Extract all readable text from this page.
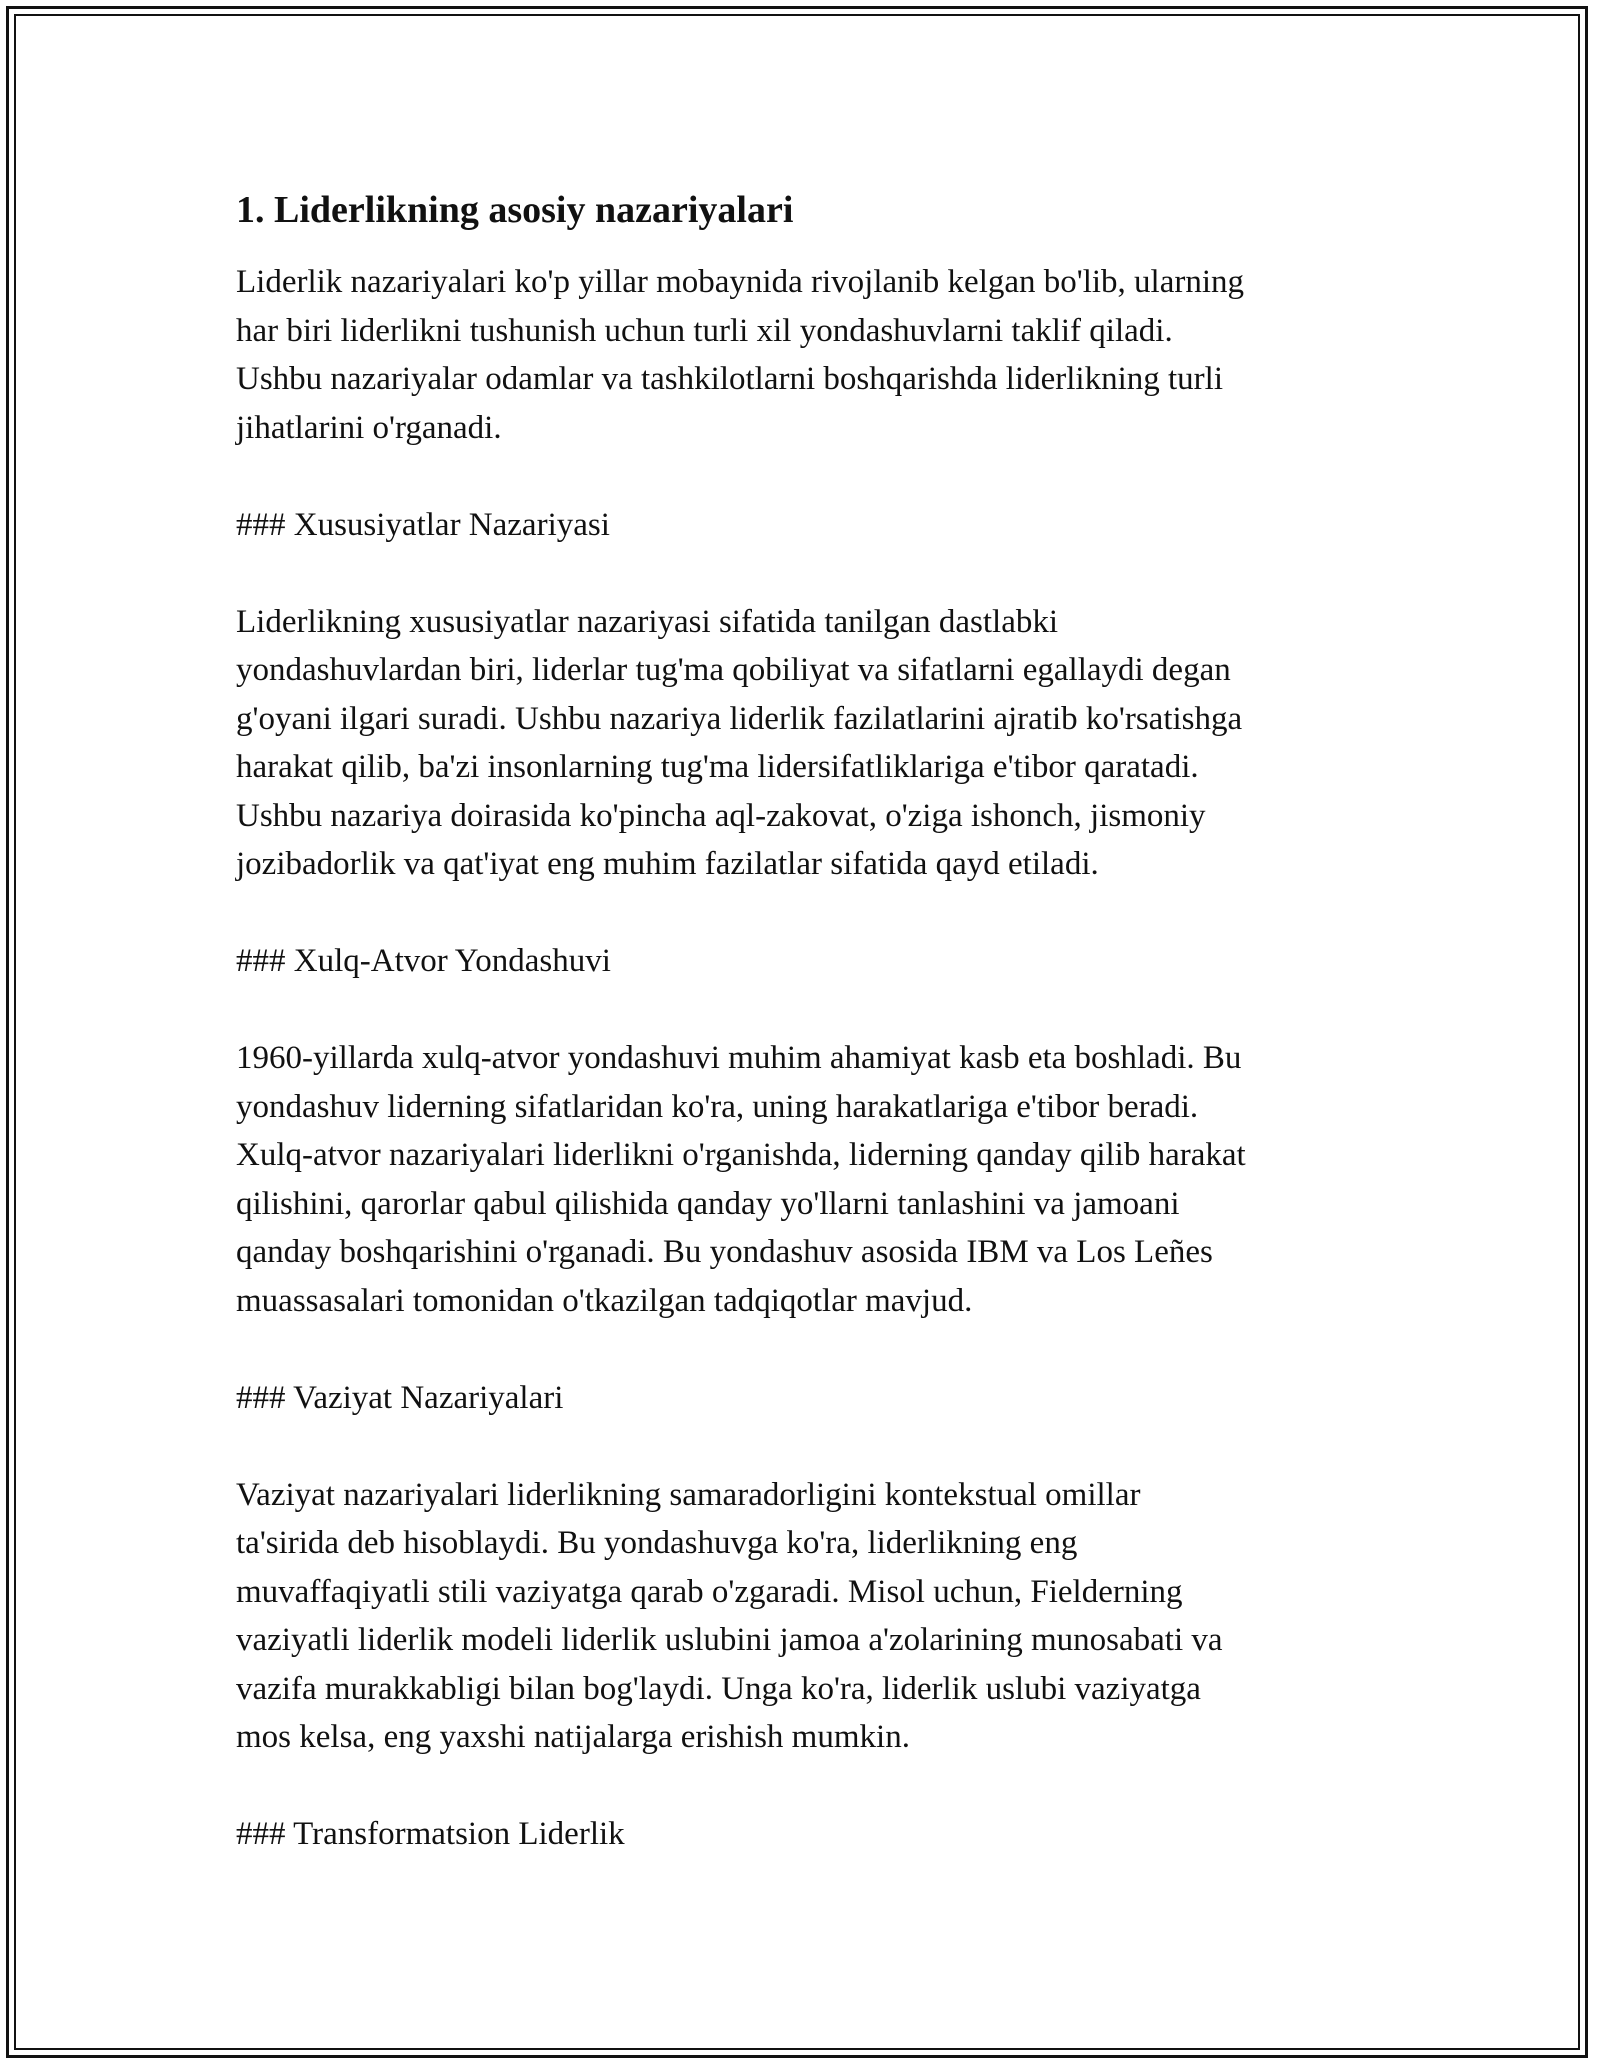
1. Liderlikning asosiy nazariyalari

Liderlik nazariyalari ko'p yillar mobaynida rivojlanib kelgan bo'lib, ularning
har biri liderlikni tushunish uchun turli xil yondashuvlarni taklif qiladi.
Ushbu nazariyalar odamlar va tashkilotlarni boshqarishda liderlikning turli
jihatlarini o'rganadi.

### Xususiyatlar Nazariyasi

Liderlikning xususiyatlar nazariyasi sifatida tanilgan dastlabki
yondashuvlardan biri, liderlar tug'ma qobiliyat va sifatlarni egallaydi degan
g'oyani ilgari suradi. Ushbu nazariya liderlik fazilatlarini ajratib ko'rsatishga
harakat qilib, ba'zi insonlarning tug'ma lidersifatliklariga e'tibor qaratadi.
Ushbu nazariya doirasida ko'pincha aql-zakovat, o'ziga ishonch, jismoniy
jozibadorlik va qat'iyat eng muhim fazilatlar sifatida qayd etiladi.

### Xulq-Atvor Yondashuvi

1960-yillarda xulq-atvor yondashuvi muhim ahamiyat kasb eta boshladi. Bu
yondashuv liderning sifatlaridan ko'ra, uning harakatlariga e'tibor beradi.
Xulq-atvor nazariyalari liderlikni o'rganishda, liderning qanday qilib harakat
qilishini, qarorlar qabul qilishida qanday yo'llarni tanlashini va jamoani
qanday boshqarishini o'rganadi. Bu yondashuv asosida IBM va Los Leñes
muassasalari tomonidan o'tkazilgan tadqiqotlar mavjud.

### Vaziyat Nazariyalari

Vaziyat nazariyalari liderlikning samaradorligini kontekstual omillar
ta'sirida deb hisoblaydi. Bu yondashuvga ko'ra, liderlikning eng
muvaffaqiyatli stili vaziyatga qarab o'zgaradi. Misol uchun, Fielderning
vaziyatli liderlik modeli liderlik uslubini jamoa a'zolarining munosabati va
vazifa murakkabligi bilan bog'laydi. Unga ko'ra, liderlik uslubi vaziyatga
mos kelsa, eng yaxshi natijalarga erishish mumkin.

### Transformatsion Liderlik
